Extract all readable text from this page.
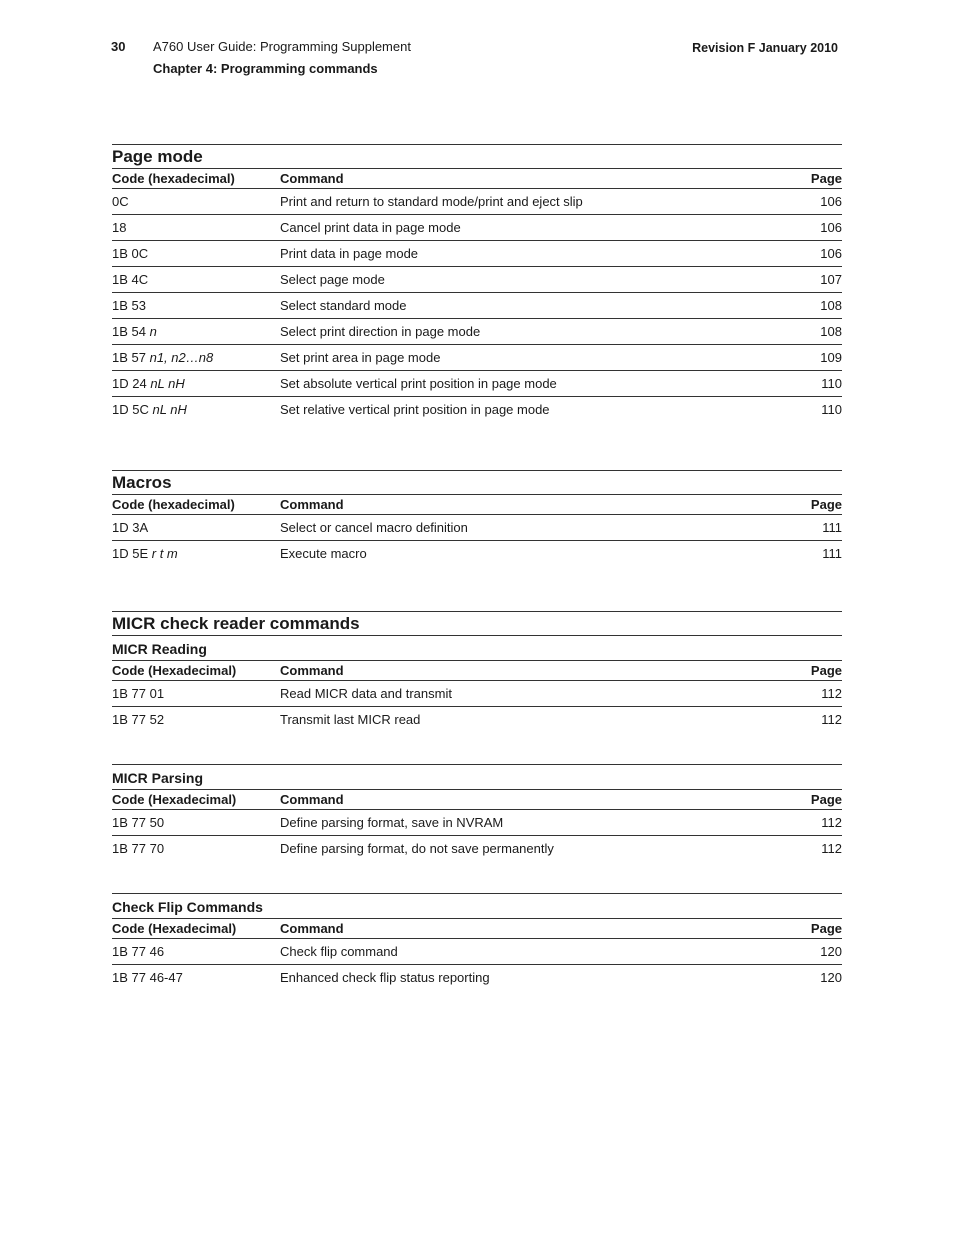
30 A760 User Guide: Programming Supplement
Chapter 4: Programming commands
Revision F January 2010
Page mode
Code (hexadecimal)	Command	Page
0C	Print and return to standard mode/print and eject slip	106
18	Cancel print data in page mode	106
1B 0C	Print data in page mode	106
1B 4C	Select page mode	107
1B 53	Select standard mode	108
1B 54 n	Select print direction in page mode	108
1B 57 n1, n2…n8	Set print area in page mode	109
1D 24 nL nH	Set absolute vertical print position in page mode	110
1D 5C nL nH	Set relative vertical print position in page mode	110
Macros
Code (hexadecimal)	Command	Page
1D 3A	Select or cancel macro definition	111
1D 5E r t m	Execute macro	111
MICR check reader commands
MICR Reading
Code (Hexadecimal)	Command	Page
1B 77 01	Read MICR data and transmit	112
1B 77 52	Transmit last MICR read	112
MICR Parsing
Code (Hexadecimal)	Command	Page
1B 77 50	Define parsing format, save in NVRAM	112
1B 77 70	Define parsing format, do not save permanently	112
Check Flip Commands
Code (Hexadecimal)	Command	Page
1B 77 46	Check flip command	120
1B 77 46-47	Enhanced check flip status reporting	120
